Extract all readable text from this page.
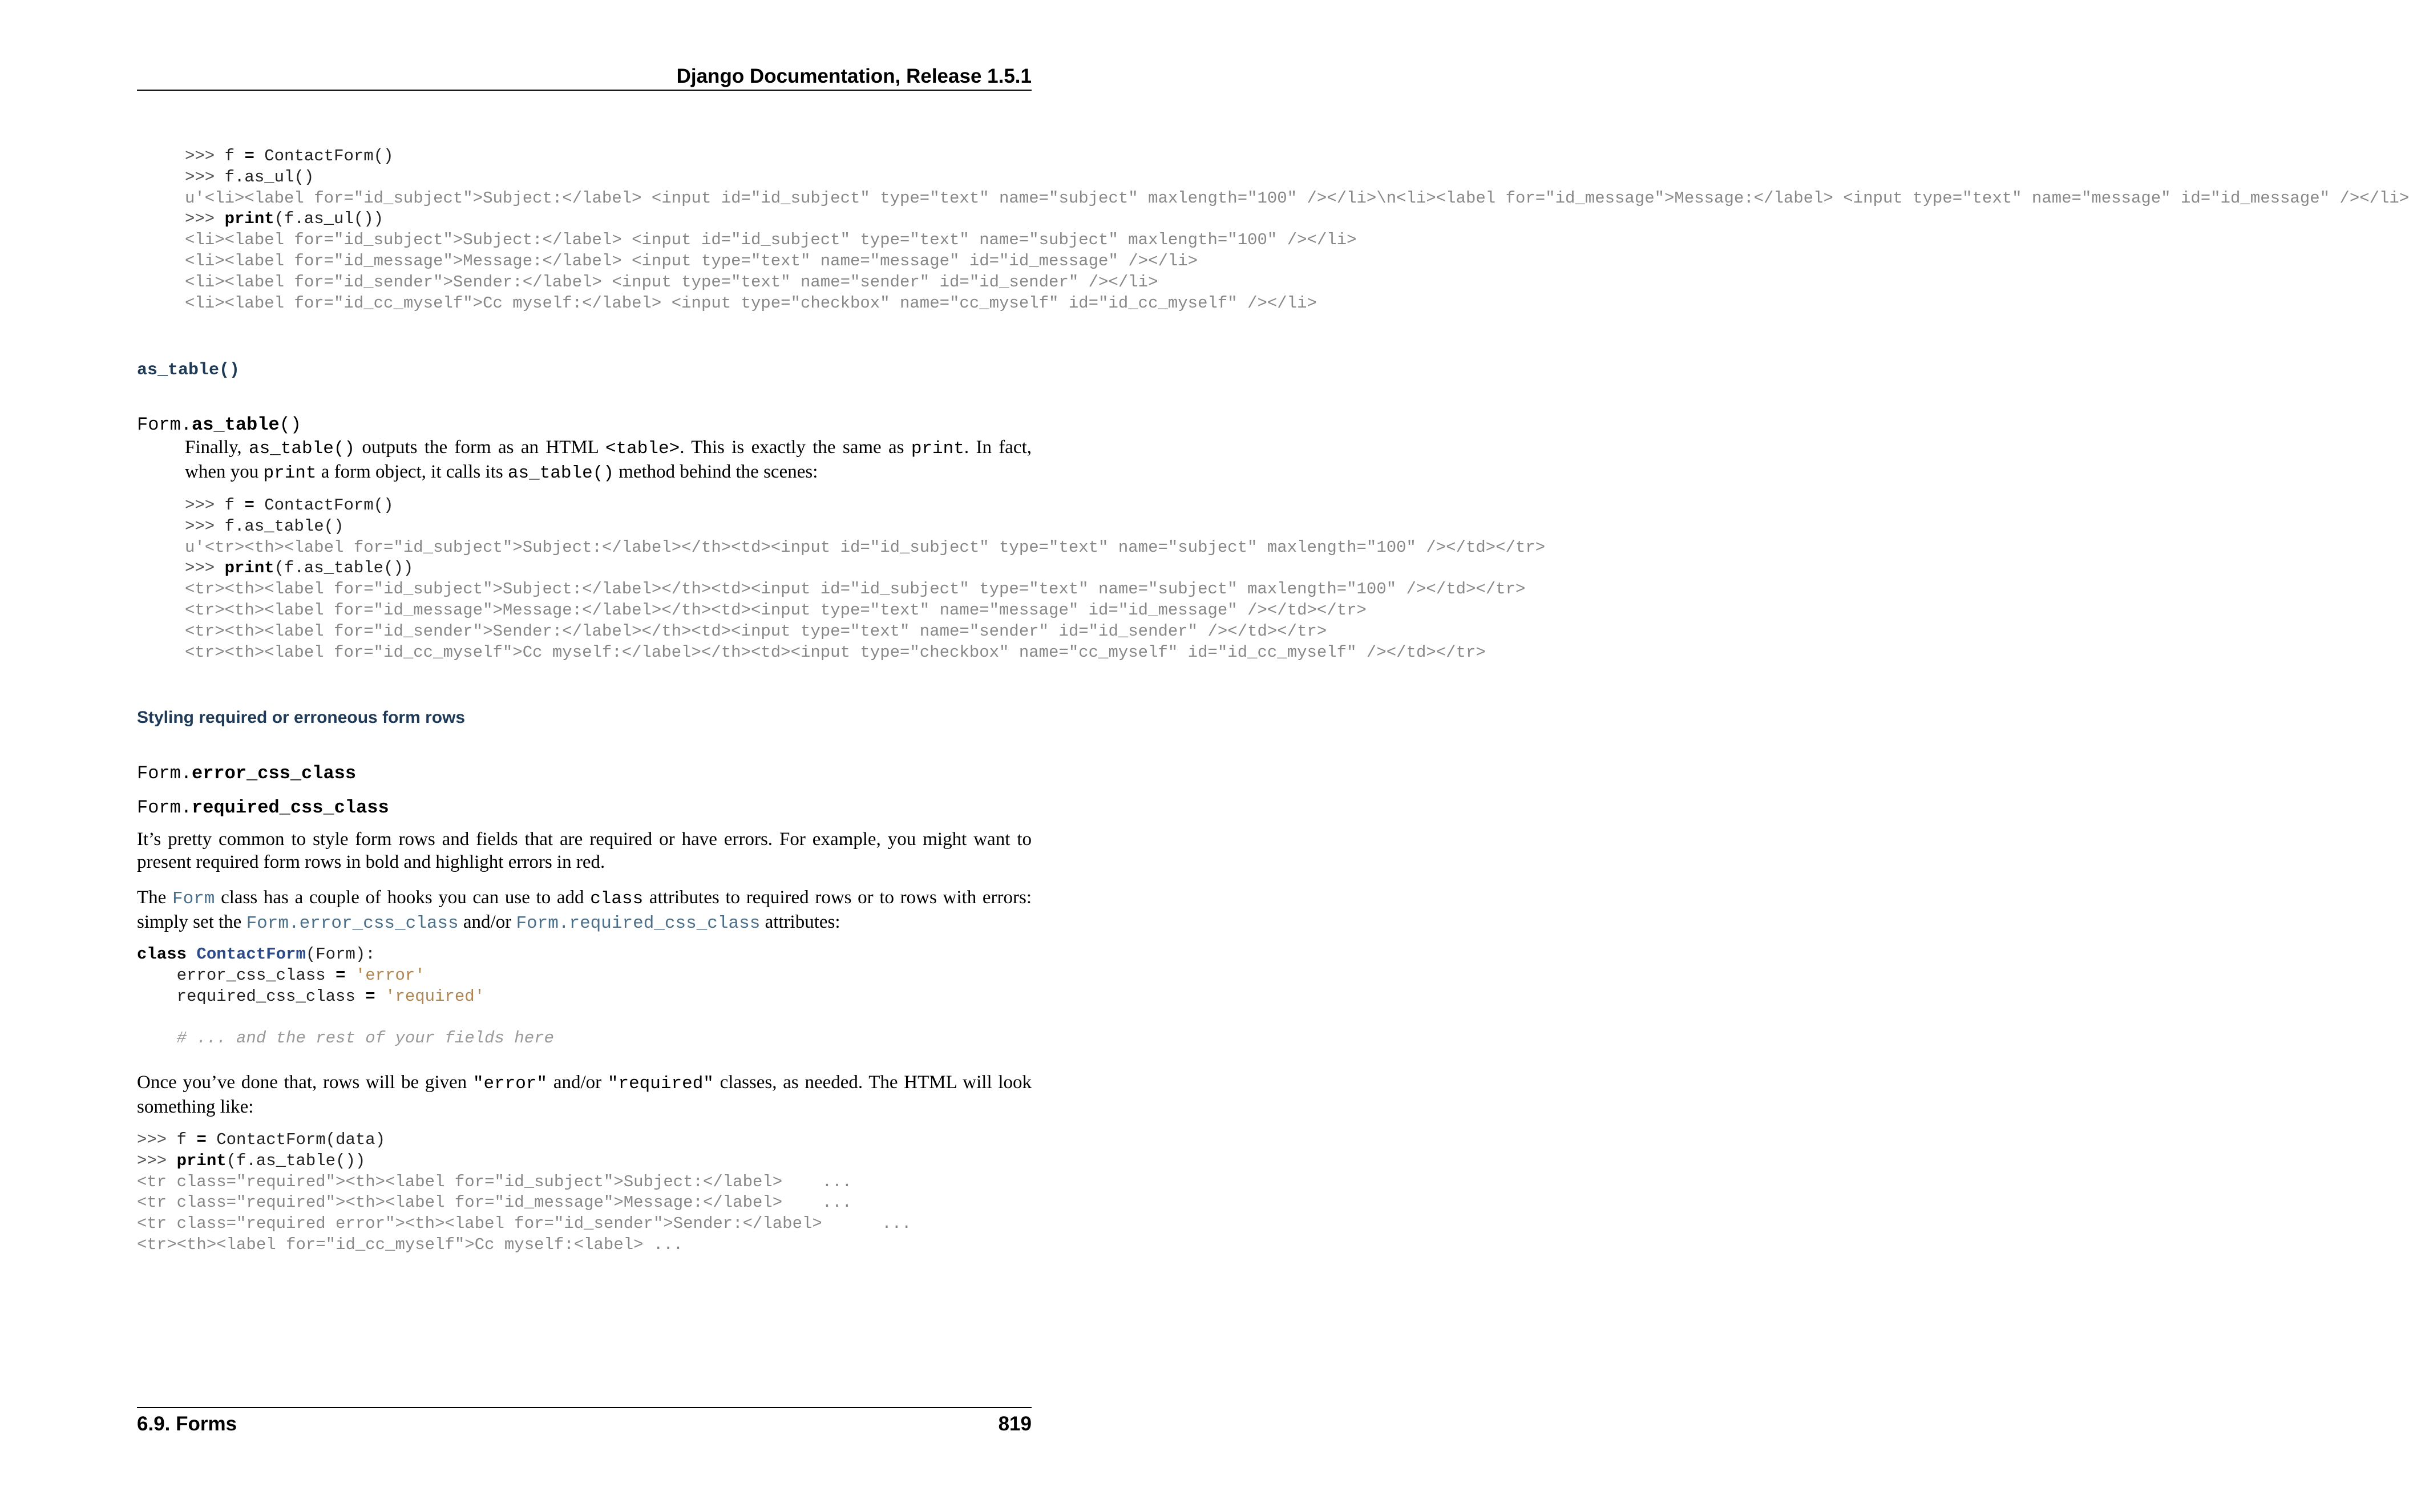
Django Documentation, Release 1.5.1
>>> f = ContactForm()
>>> f.as_ul()
u'<li><label for="id_subject">Subject:</label> <input id="id_subject" type="text" name="subject" maxlength="100" /></li>\n<li><label for="id_message">Message:</label> <input type="text" name="message" id="id_message" /></li>
>>> print(f.as_ul())
<li><label for="id_subject">Subject:</label> <input id="id_subject" type="text" name="subject" maxlength="100" /></li>
<li><label for="id_message">Message:</label> <input type="text" name="message" id="id_message" /></li>
<li><label for="id_sender">Sender:</label> <input type="text" name="sender" id="id_sender" /></li>
<li><label for="id_cc_myself">Cc myself:</label> <input type="checkbox" name="cc_myself" id="id_cc_myself" /></li>
as_table()
Form.as_table()

Finally, as_table() outputs the form as an HTML <table>. This is exactly the same as print. In fact, when you print a form object, it calls its as_table() method behind the scenes:

>>> f = ContactForm()
>>> f.as_table()
u'<tr><th><label for="id_subject">Subject:</label></th><td><input id="id_subject" type="text" name="subject" maxlength="100" /></td></tr>
>>> print(f.as_table())
<tr><th><label for="id_subject">Subject:</label></th><td><input id="id_subject" type="text" name="subject" maxlength="100" /></td></tr>
<tr><th><label for="id_message">Message:</label></th><td><input type="text" name="message" id="id_message" /></td></tr>
<tr><th><label for="id_sender">Sender:</label></th><td><input type="text" name="sender" id="id_sender" /></td></tr>
<tr><th><label for="id_cc_myself">Cc myself:</label></th><td><input type="checkbox" name="cc_myself" id="id_cc_myself" /></td></tr>
Styling required or erroneous form rows
Form.error_css_class
Form.required_css_class

It’s pretty common to style form rows and fields that are required or have errors. For example, you might want to present required form rows in bold and highlight errors in red.

The Form class has a couple of hooks you can use to add class attributes to required rows or to rows with errors: simply set the Form.error_css_class and/or Form.required_css_class attributes:

class ContactForm(Form):
error_css_class = 'error'
required_css_class = 'required'
# ... and the rest of your fields here

Once you’ve done that, rows will be given "error" and/or "required" classes, as needed. The HTML will look something like:

>>> f = ContactForm(data)
>>> print(f.as_table())
<tr class="required"><th><label for="id_subject">Subject:</label>    ...
<tr class="required"><th><label for="id_message">Message:</label>    ...
<tr class="required error"><th><label for="id_sender">Sender:</label>      ...
<tr><th><label for="id_cc_myself">Cc myself:<label> ...
6.9. Forms	819
